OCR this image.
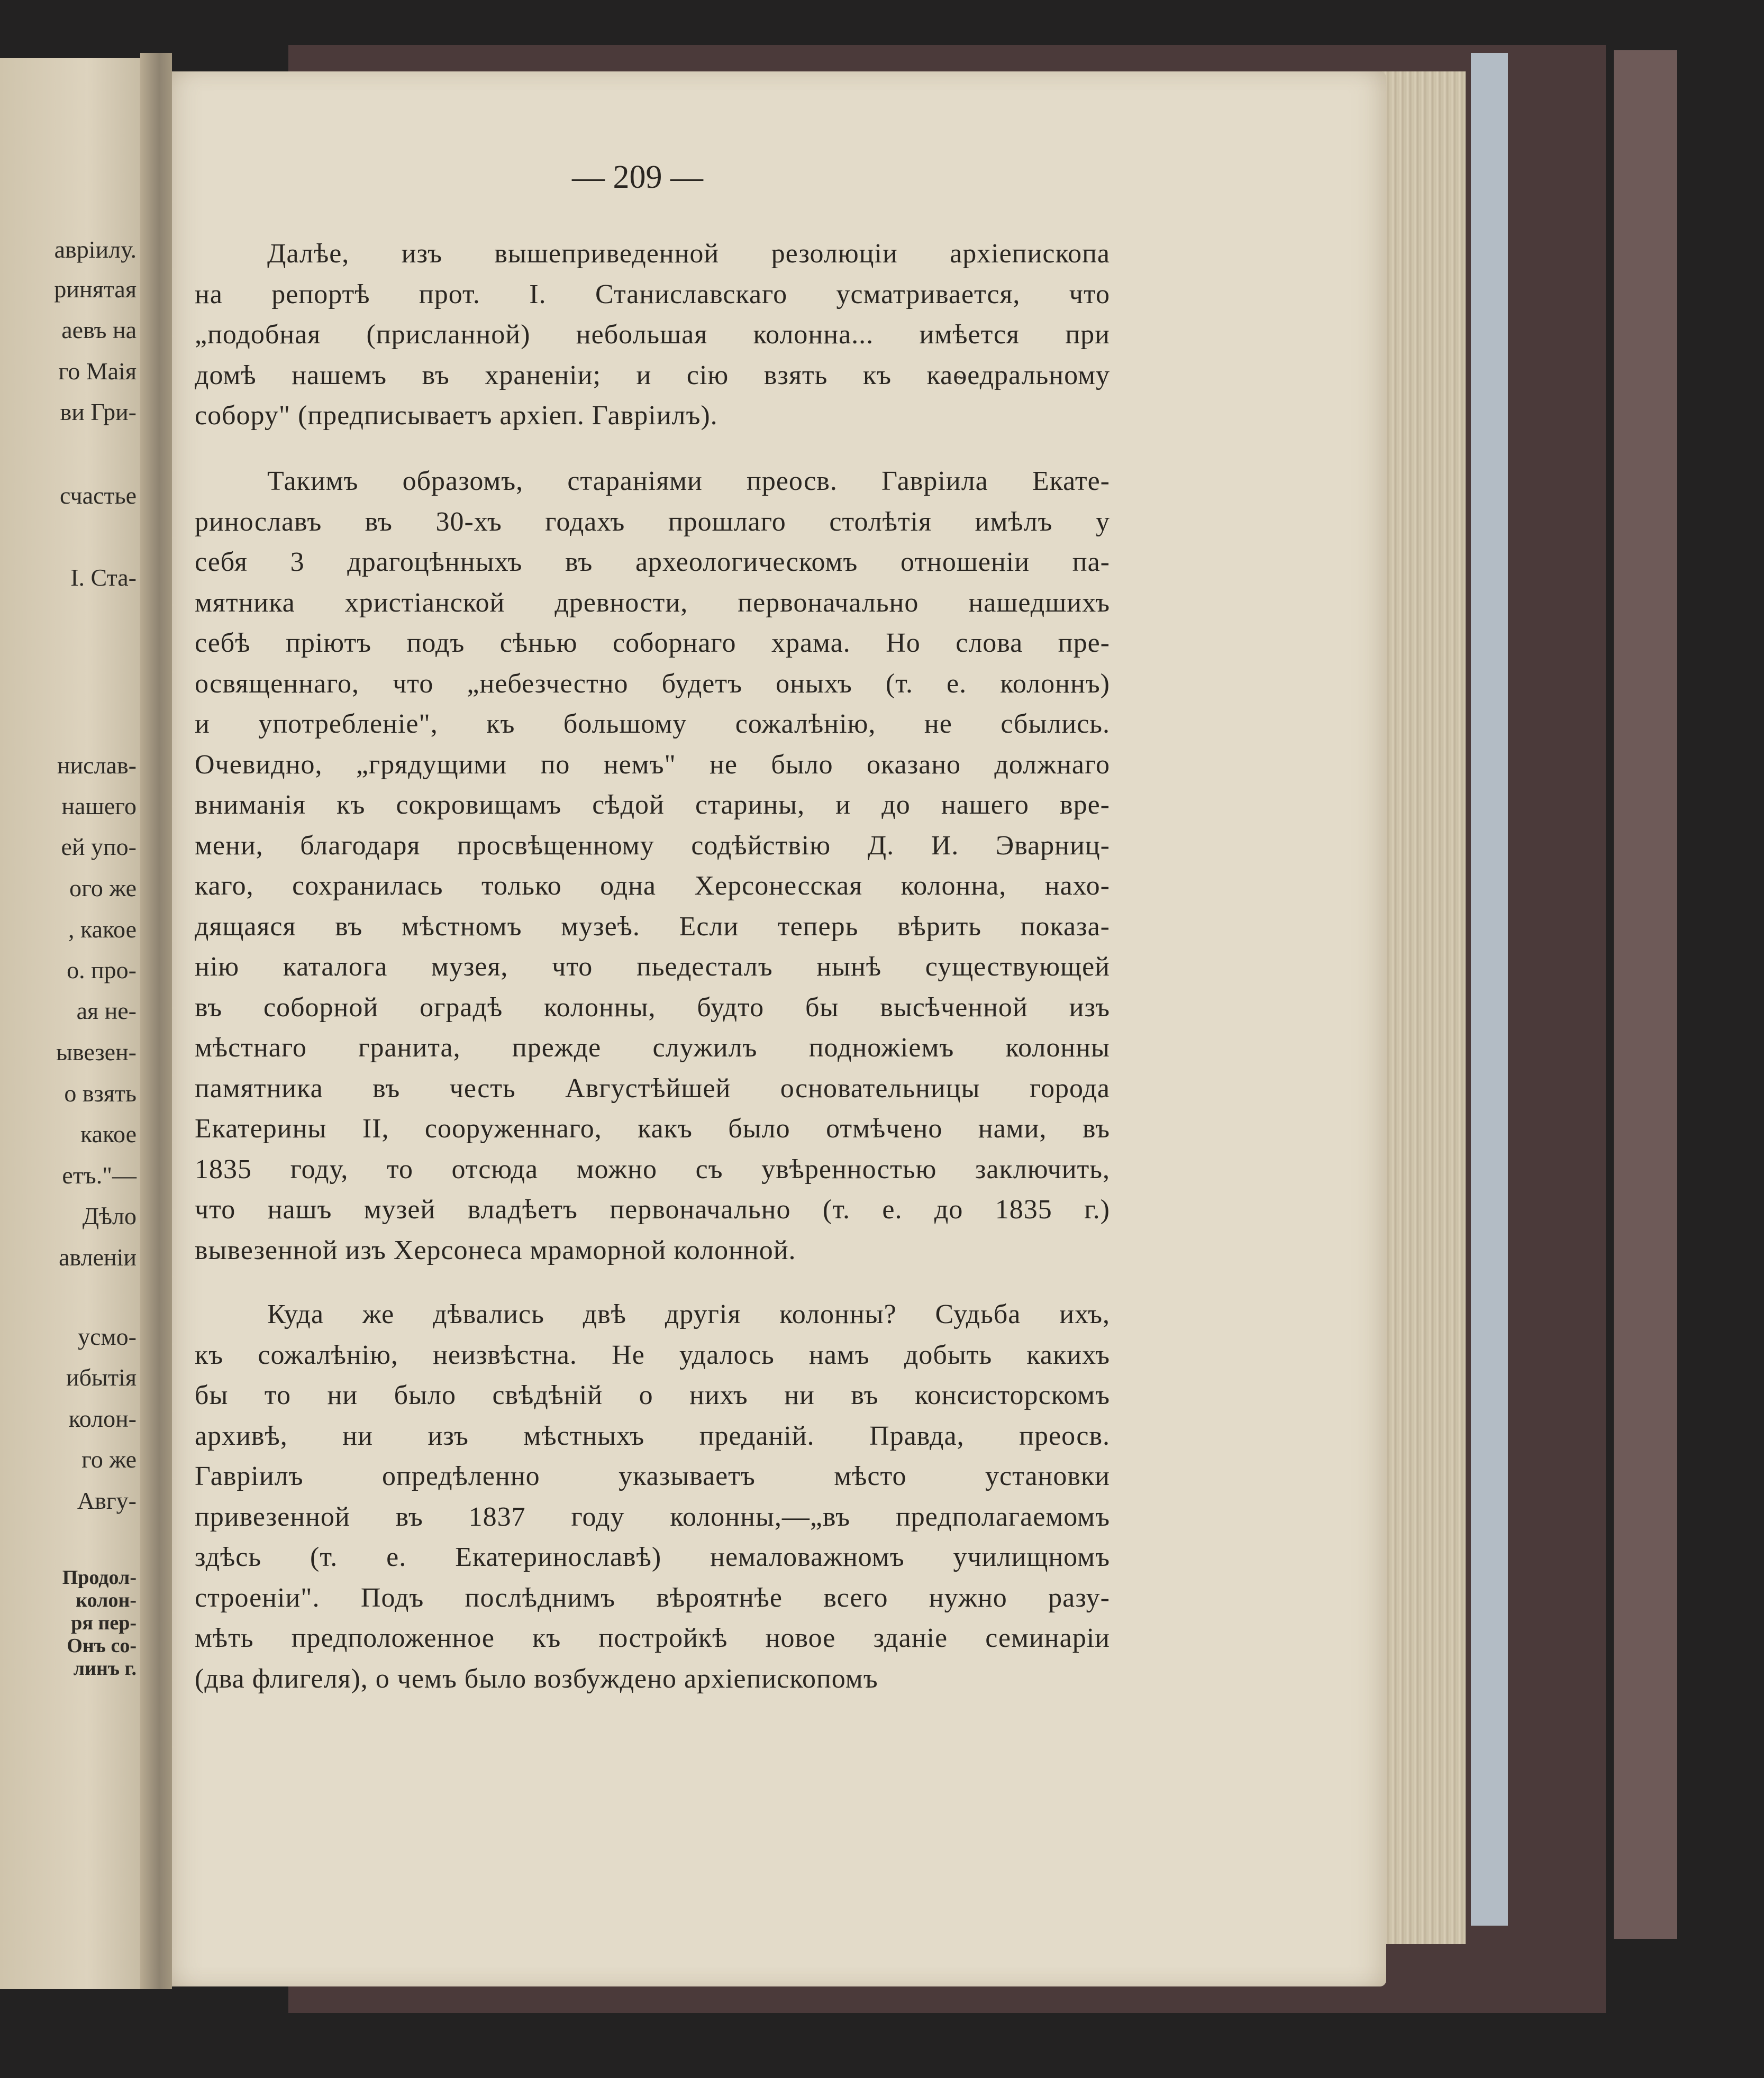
аврiилу.
ринятая
аевъ на
го Маiя
ви Гри-
счастье
I. Ста-
нислав-
нашего
ей упо-
ого же
, какое
о. про-
ая не-
ывезен-
о взять
какое
етъ."—
Дѣло
авленiи
усмо-
ибытiя
колон-
го же
Авгу-
Продол-
колон-
ря пер-
Онъ со-
линъ г.
— 209 —
Далѣе, изъ вышеприведенной резолюцiи архiепископа
на репортѣ прот. I. Станиславскаго усматривается, что
„подобная (присланной) небольшая колонна... имѣется при
домѣ нашемъ въ храненiи; и сiю взять къ каѳедральному
собору" (предписываетъ архiеп. Гаврiилъ).
Такимъ образомъ, старанiями преосв. Гаврiила Екате-
ринославъ въ 30-хъ годахъ прошлаго столѣтiя имѣлъ у
себя 3 драгоцѣнныхъ въ археологическомъ отношенiи па-
мятника христiанской древности, первоначально нашедшихъ
себѣ прiютъ подъ сѣнью соборнаго храма. Но слова пре-
освященнаго, что „небезчестно будетъ оныхъ (т. е. колоннъ)
и употребленiе", къ большому сожалѣнiю, не сбылись.
Очевидно, „грядущими по немъ" не было оказано должнаго
вниманiя къ сокровищамъ сѣдой старины, и до нашего вре-
мени, благодаря просвѣщенному содѣйствiю Д. И. Эварниц-
каго, сохранилась только одна Херсонесская колонна, нахо-
дящаяся въ мѣстномъ музеѣ. Если теперь вѣрить показа-
нiю каталога музея, что пьедесталъ нынѣ существующей
въ соборной оградѣ колонны, будто бы высѣченной изъ
мѣстнаго гранита, прежде служилъ подножiемъ колонны
памятника въ честь Августѣйшей основательницы города
Екатерины II, сооруженнаго, какъ было отмѣчено нами, въ
1835 году, то отсюда можно съ увѣренностью заключить,
что нашъ музей владѣетъ первоначально (т. е. до 1835 г.)
вывезенной изъ Херсонеса мраморной колонной.
Куда же дѣвались двѣ другiя колонны? Судьба ихъ,
къ сожалѣнiю, неизвѣстна. Не удалось намъ добыть какихъ
бы то ни было свѣдѣнiй о нихъ ни въ консисторскомъ
архивѣ, ни изъ мѣстныхъ преданiй. Правда, преосв.
Гаврiилъ опредѣленно указываетъ мѣсто установки
привезенной въ 1837 году колонны,—„въ предполагаемомъ
здѣсь (т. е. Екатеринославѣ) немаловажномъ училищномъ
строенiи". Подъ послѣднимъ вѣроятнѣе всего нужно разу-
мѣть предположенное къ постройкѣ новое зданiе семинарiи
(два флигеля), о чемъ было возбуждено архiепископомъ
